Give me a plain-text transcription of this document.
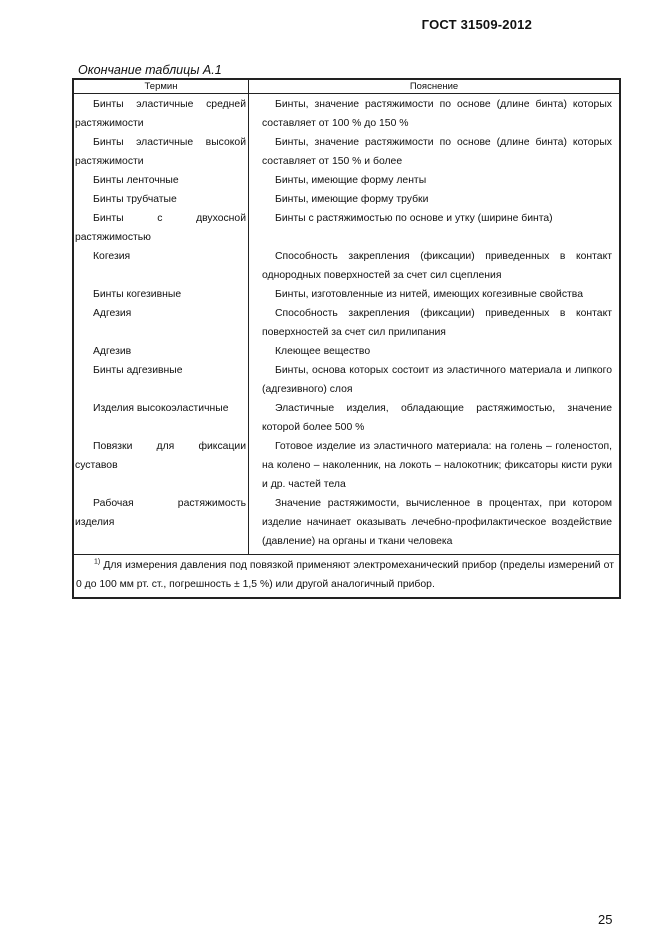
ГОСТ 31509-2012
Окончание таблицы А.1
Термин	Пояснение

Бинты эластичные средней
растяжимости	Бинты, значение растяжимости по основе (длине бинта) которых составляет от 100 % до 150 %

Бинты эластичные высокой
растяжимости	Бинты, значение растяжимости по основе (длине бинта) которых составляет от 150 % и более
Бинты ленточные	Бинты, имеющие форму ленты
Бинты трубчатые	Бинты, имеющие форму трубки

Бинты с двухосной
растяжимостью	Бинты с растяжимостью по основе и утку (ширине бинта)
Когезия	Способность закрепления (фиксации) приведенных в контакт однородных поверхностей за счет сил сцепления
Бинты когезивные	Бинты, изготовленные из нитей, имеющих когезивные свойства
Адгезия	Способность закрепления (фиксации) приведенных в контакт поверхностей за счет сил прилипания
Адгезив	Клеющее вещество
Бинты адгезивные	Бинты, основа которых состоит из эластичного материала и липкого (адгезивного) слоя
Изделия высокоэластичные	Эластичные изделия, обладающие растяжимостью, значение которой более 500 %

Повязки для фиксации
суставов	Готовое изделие из эластичного материала: на голень – голеностоп, на колено – наколенник, на локоть – налокотник; фиксаторы кисти руки и др. частей тела

Рабочая растяжимость
изделия	Значение растяжимости, вычисленное в процентах, при котором изделие начинает оказывать лечебно-профилактическое воздействие (давление) на органы и ткани человека
$^{1)}$ Для измерения давления под повязкой применяют электромеханический прибор (пределы измерений от 0 до 100 мм рт. ст., погрешность ± 1,5 %) или другой аналогичный прибор.	
25
